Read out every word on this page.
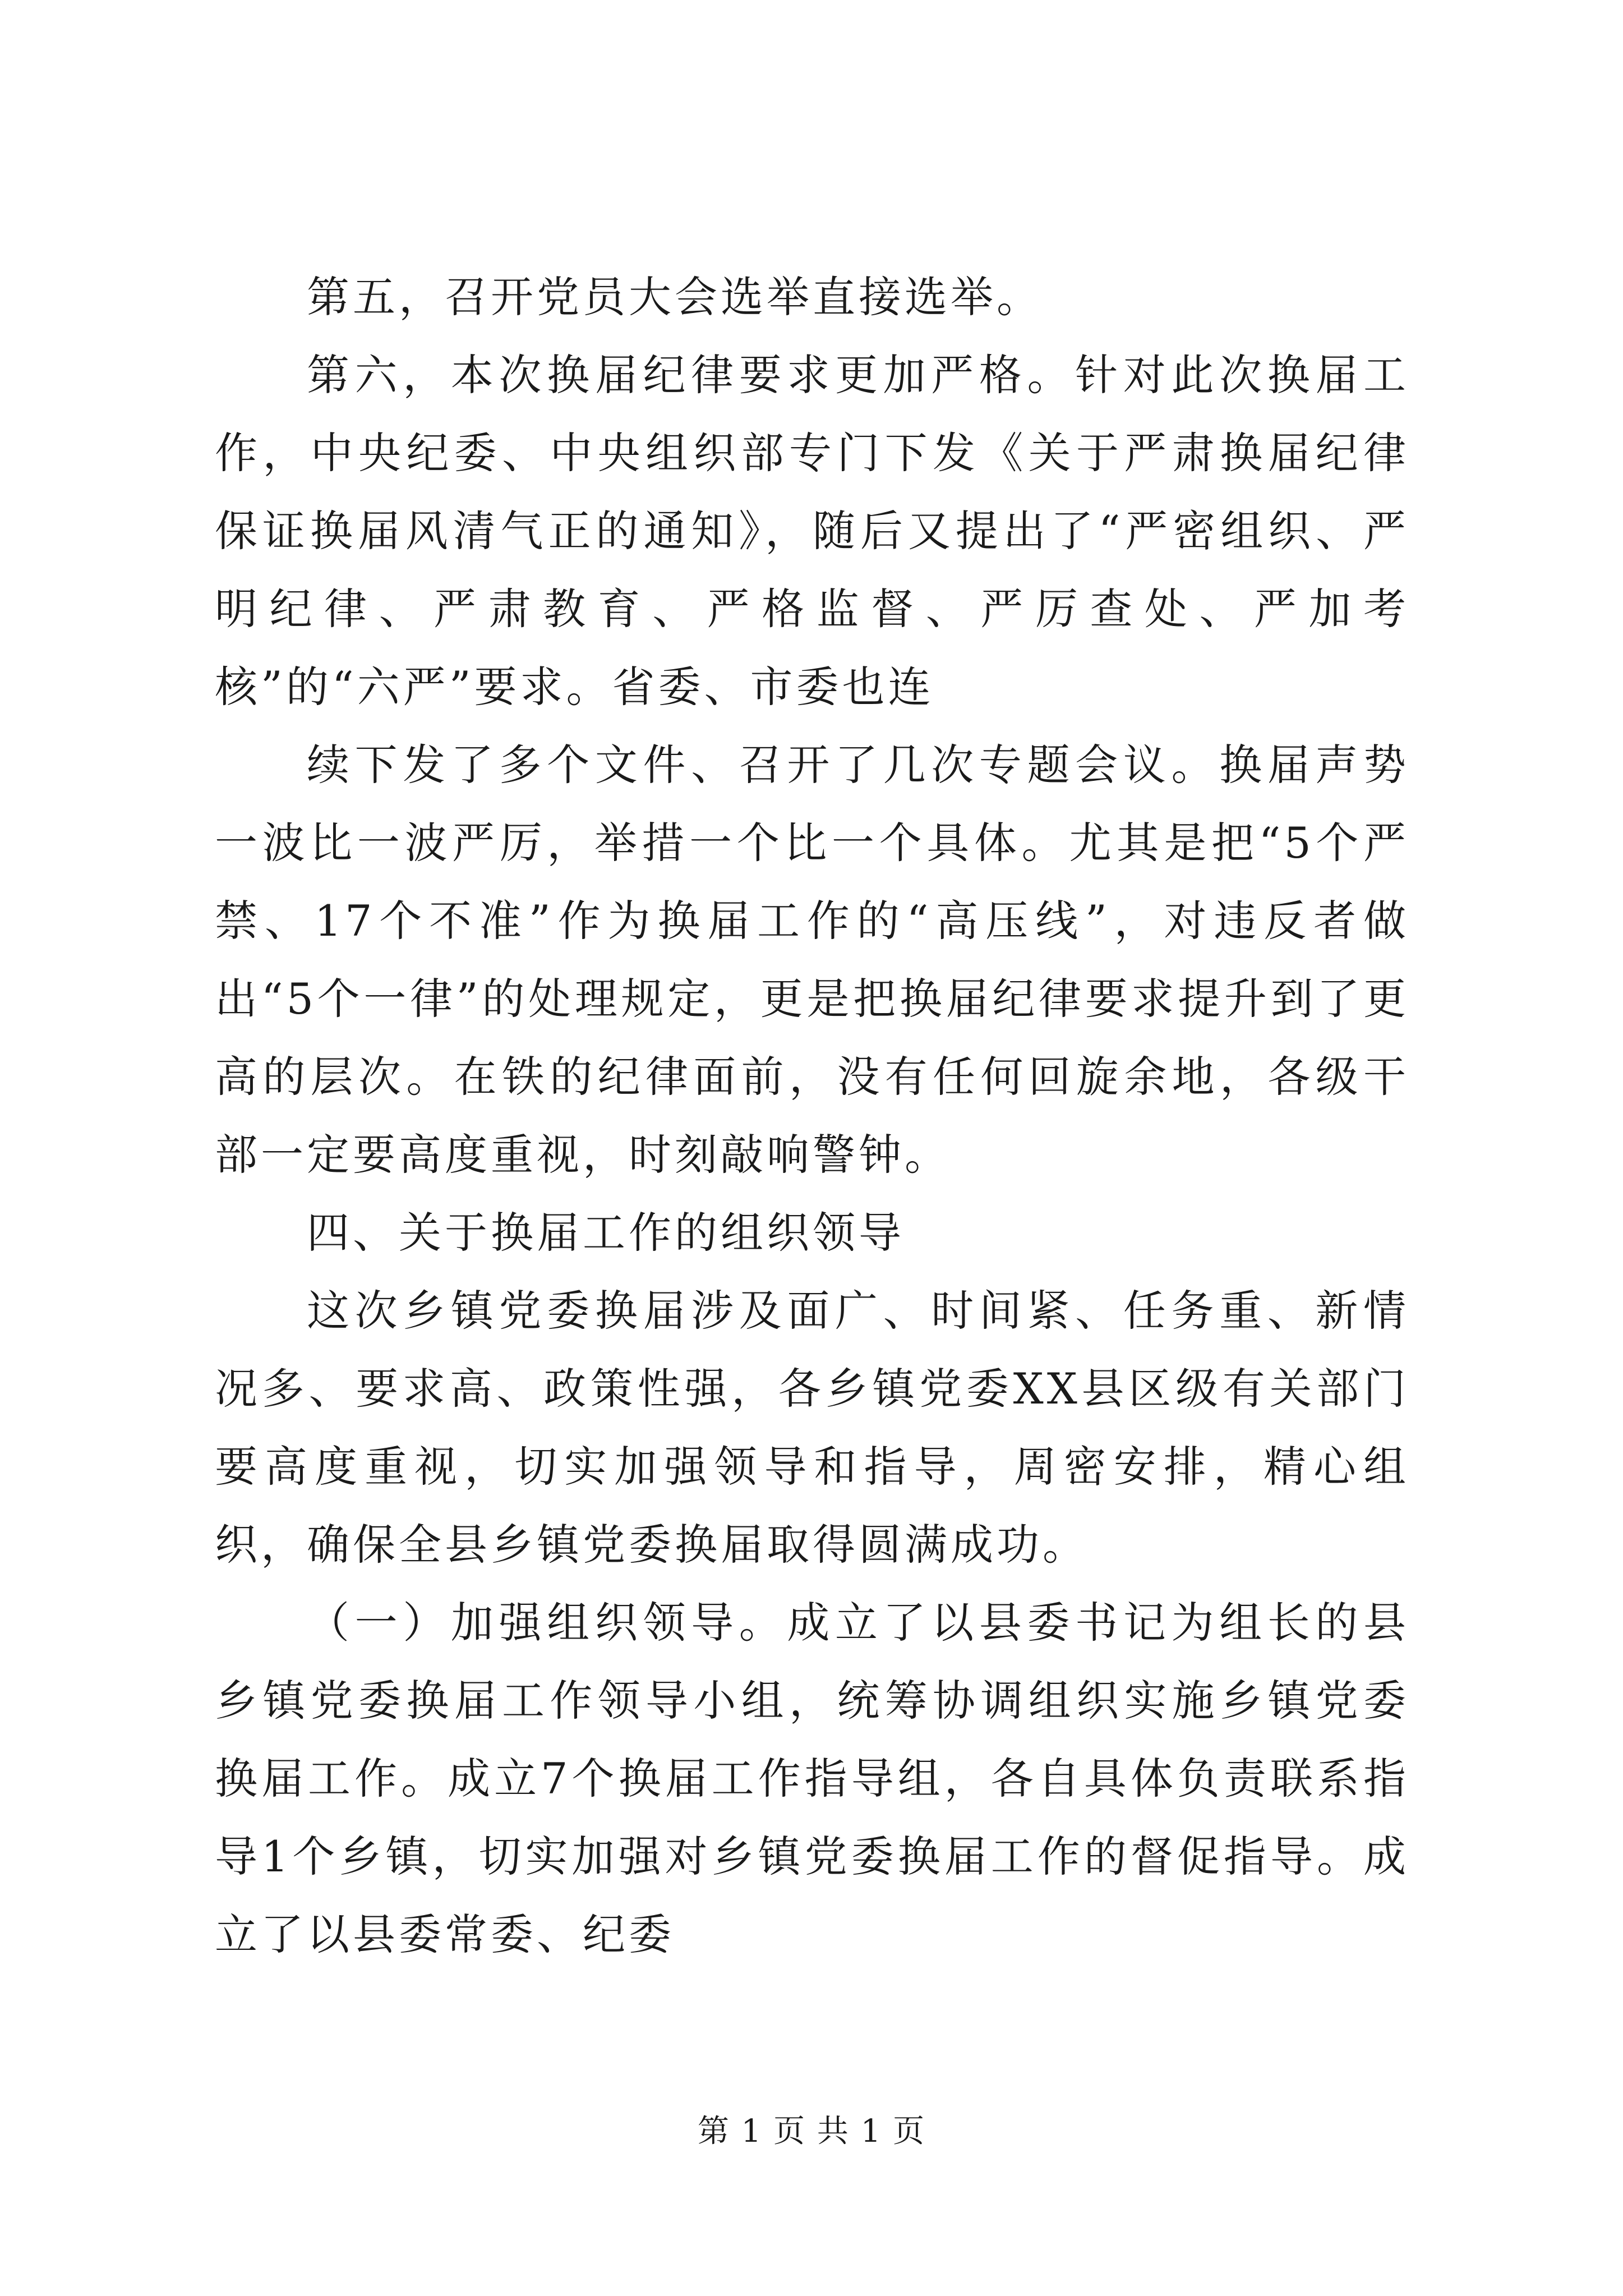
第五，召开党员大会选举直接选举。

第六，本次换届纪律要求更加严格。针对此次换届工作，中央纪委、中央组织部专门下发《关于严肃换届纪律保证换届风清气正的通知》，随后又提出了“严密组织、严明纪律、严肃教育、严格监督、严厉查处、严加考核”的“六严”要求。省委、市委也连

续下发了多个文件、召开了几次专题会议。换届声势一波比一波严厉，举措一个比一个具体。尤其是把“5个严禁、17个不准”作为换届工作的“高压线”，对违反者做出“5个一律”的处理规定，更是把换届纪律要求提升到了更高的层次。在铁的纪律面前，没有任何回旋余地，各级干部一定要高度重视，时刻敲响警钟。

四、关于换届工作的组织领导

这次乡镇党委换届涉及面广、时间紧、任务重、新情况多、要求高、政策性强，各乡镇党委XX县区级有关部门要高度重视，切实加强领导和指导，周密安排，精心组织，确保全县乡镇党委换届取得圆满成功。

（一）加强组织领导。成立了以县委书记为组长的县乡镇党委换届工作领导小组，统筹协调组织实施乡镇党委换届工作。成立7个换届工作指导组，各自具体负责联系指导1个乡镇，切实加强对乡镇党委换届工作的督促指导。成立了以县委常委、纪委

第 1 页 共 1 页
